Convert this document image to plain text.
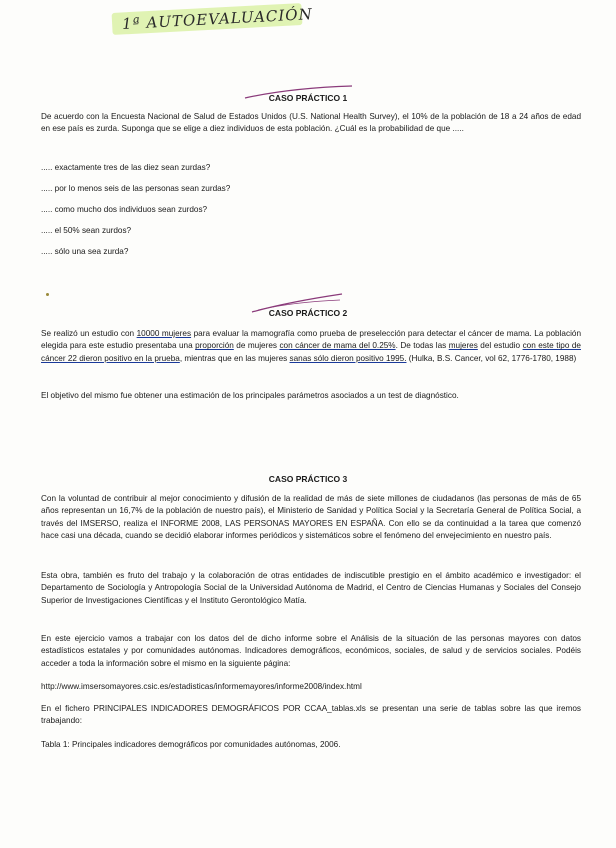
1ª AUTOEVALUACIÓN
CASO PRÁCTICO 1
De acuerdo con la Encuesta Nacional de Salud de Estados Unidos (U.S. National Health Survey), el 10% de la población de 18 a 24 años de edad en ese país es zurda. Suponga que se elige a diez individuos de esta población. ¿Cuál es la probabilidad de que .....
..... exactamente tres de las diez sean zurdas?
..... por lo menos seis de las personas sean zurdas?
..... como mucho dos individuos sean zurdos?
..... el 50% sean zurdos?
..... sólo una sea zurda?
CASO PRÁCTICO 2
Se realizó un estudio con 10000 mujeres para evaluar la mamografía como prueba de preselección para detectar el cáncer de mama. La población elegida para este estudio presentaba una proporción de mujeres con cáncer de mama del 0.25%. De todas las mujeres del estudio con este tipo de cáncer 22 dieron positivo en la prueba, mientras que en las mujeres sanas sólo dieron positivo 1995. (Hulka, B.S. Cancer, vol 62, 1776-1780, 1988)
El objetivo del mismo fue obtener una estimación de los principales parámetros asociados a un test de diagnóstico.
CASO PRÁCTICO 3
Con la voluntad de contribuir al mejor conocimiento y difusión de la realidad de más de siete millones de ciudadanos (las personas de más de 65 años representan un 16,7% de la población de nuestro país), el Ministerio de Sanidad y Política Social y la Secretaría General de Política Social, a través del IMSERSO, realiza el INFORME 2008, LAS PERSONAS MAYORES EN ESPAÑA. Con ello se da continuidad a la tarea que comenzó hace casi una década, cuando se decidió elaborar informes periódicos y sistemáticos sobre el fenómeno del envejecimiento en nuestro país.
Esta obra, también es fruto del trabajo y la colaboración de otras entidades de indiscutible prestigio en el ámbito académico e investigador: el Departamento de Sociología y Antropología Social de la Universidad Autónoma de Madrid, el Centro de Ciencias Humanas y Sociales del Consejo Superior de Investigaciones Científicas y el Instituto Gerontológico Matía.
En este ejercicio vamos a trabajar con los datos del de dicho informe sobre el Análisis de la situación de las personas mayores con datos estadísticos estatales y por comunidades autónomas. Indicadores demográficos, económicos, sociales, de salud y de servicios sociales. Podéis acceder a toda la información sobre el mismo en la siguiente página:
http://www.imsersomayores.csic.es/estadisticas/informemayores/informe2008/index.html
En el fichero PRINCIPALES INDICADORES DEMOGRÁFICOS POR CCAA_tablas.xls se presentan una serie de tablas sobre las que iremos trabajando:
Tabla 1: Principales indicadores demográficos por comunidades autónomas, 2006.
